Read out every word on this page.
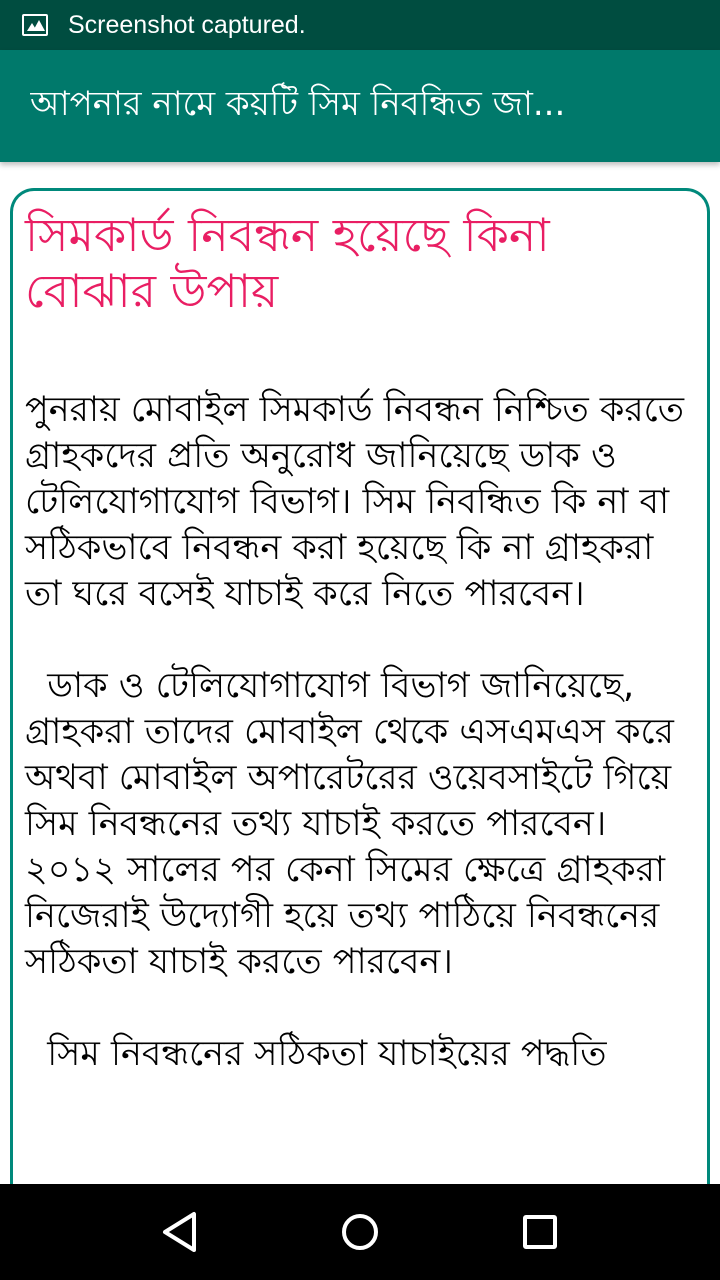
Screenshot captured.
আপনার নামে কয়টি সিম নিবন্ধিত জা...
সিমকার্ড নিবন্ধন হয়েছে কিনা বোঝার উপায়

পুনরায় মোবাইল সিমকার্ড নিবন্ধন নিশ্চিত করতে গ্রাহকদের প্রতি অনুরোধ জানিয়েছে ডাক ও টেলিযোগাযোগ বিভাগ। সিম নিবন্ধিত কি না বা সঠিকভাবে নিবন্ধন করা হয়েছে কি না গ্রাহকরা তা ঘরে বসেই যাচাই করে নিতে পারবেন।

ডাক ও টেলিযোগাযোগ বিভাগ জানিয়েছে, গ্রাহকরা তাদের মোবাইল থেকে এসএমএস করে অথবা মোবাইল অপারেটরের ওয়েবসাইটে গিয়ে সিম নিবন্ধনের তথ্য যাচাই করতে পারবেন। ২০১২ সালের পর কেনা সিমের ক্ষেত্রে গ্রাহকরা নিজেরাই উদ্যোগী হয়ে তথ্য পাঠিয়ে নিবন্ধনের সঠিকতা যাচাই করতে পারবেন।

সিম নিবন্ধনের সঠিকতা যাচাইয়ের পদ্ধতি
